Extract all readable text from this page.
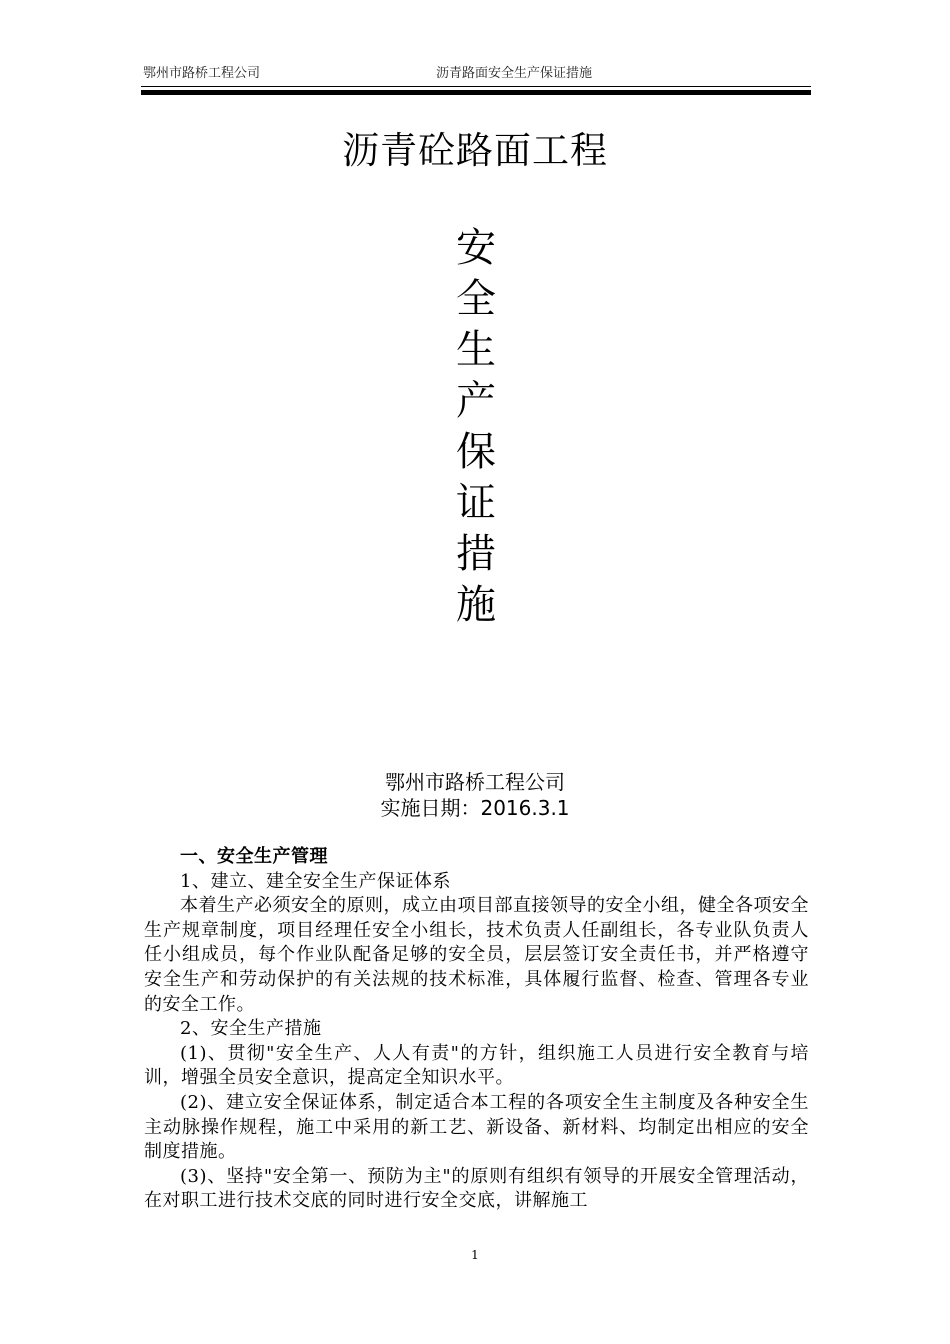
鄂州市路桥工程公司	沥青路面安全生产保证措施
沥青砼路面工程
安
全
生
产
保
证
措
施
鄂州市路桥工程公司
实施日期：2016.3.1

一、安全生产管理

1、建立、建全安全生产保证体系

本着生产必须安全的原则，成立由项目部直接领导的安全小组，健全各项安全生产规章制度，项目经理任安全小组长，技术负责人任副组长，各专业队负责人任小组成员，每个作业队配备足够的安全员，层层签订安全责任书，并严格遵守安全生产和劳动保护的有关法规的技术标准，具体履行监督、检查、管理各专业的安全工作。

2、安全生产措施

(1)、贯彻"安全生产、人人有责"的方针，组织施工人员进行安全教育与培训，增强全员安全意识，提高定全知识水平。

(2)、建立安全保证体系，制定适合本工程的各项安全生主制度及各种安全生主动脉操作规程，施工中采用的新工艺、新设备、新材料、均制定出相应的安全制度措施。

(3)、坚持"安全第一、预防为主"的原则有组织有领导的开展安全管理活动，在对职工进行技术交底的同时进行安全交底，讲解施工

1
